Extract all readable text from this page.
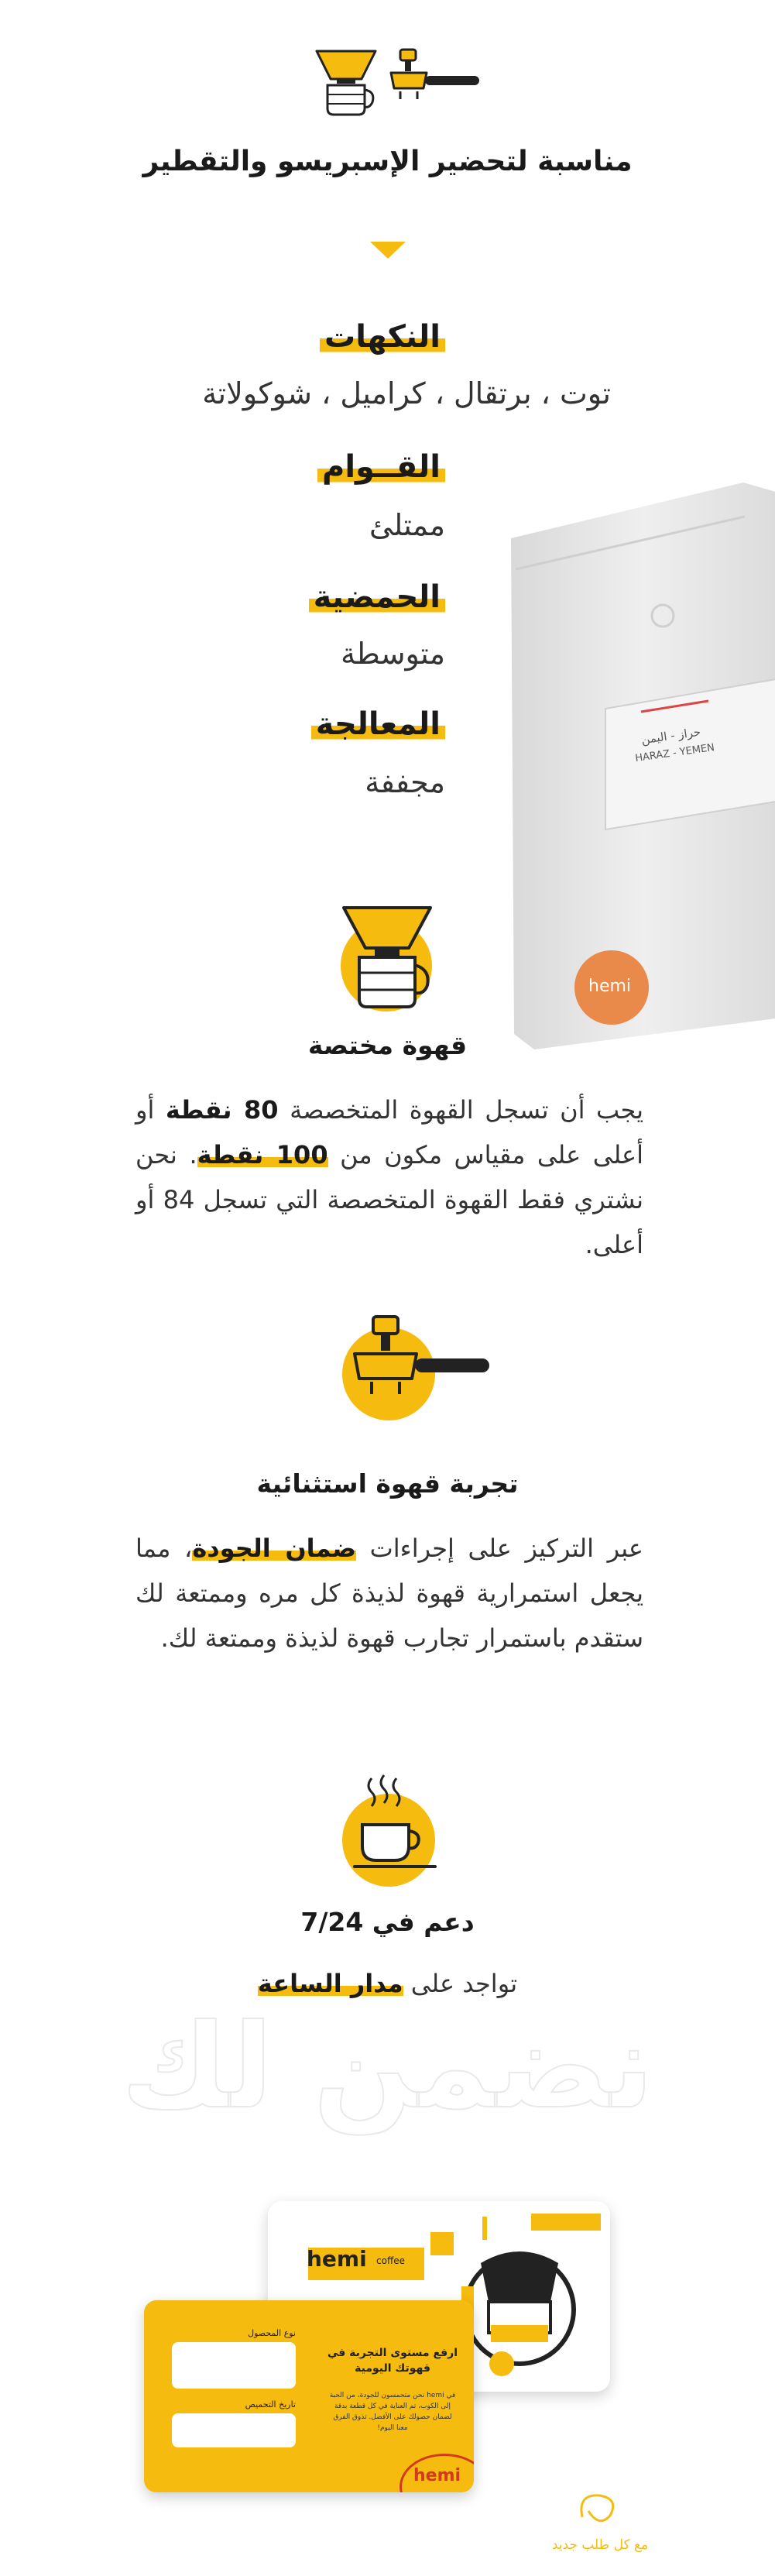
مناسبة لتحضير الإسبريسو والتقطير
النكهات
توت ، برتقال ، كراميل ، شوكولاتة
القــوام
ممتلئ
الحمضية
متوسطة
المعالجة
مجففة
حراز - اليمن
HARAZ - YEMEN
hemi
قهوة مختصة
يجب أن تسجل القهوة المتخصصة 80 نقطة أو أعلى على مقياس مكون من 100 نقطة. نحن نشتري فقط القهوة المتخصصة التي تسجل 84 أو أعلى.
تجربة قهوة استثنائية
عبر التركيز على إجراءات ضمان الجودة، مما يجعل استمرارية قهوة لذيذة كل مره وممتعة لك ستقدم باستمرار تجارب قهوة لذيذة وممتعة لك.
دعم في 7/24
تواجد على مدار الساعة
نضمن لك
hemi coffee
نوع المحصول
تاريخ التحميص
ارفع مستوى التجربة في قهوتك اليومية
في hemi نحن متحمسون للجودة، من الحبة إلى الكوب، تم العناية في كل قطعة بدقة لضمان حصولك على الأفضل. تذوق الفرق معنا اليوم!
hemi
مع كل طلب جديد
